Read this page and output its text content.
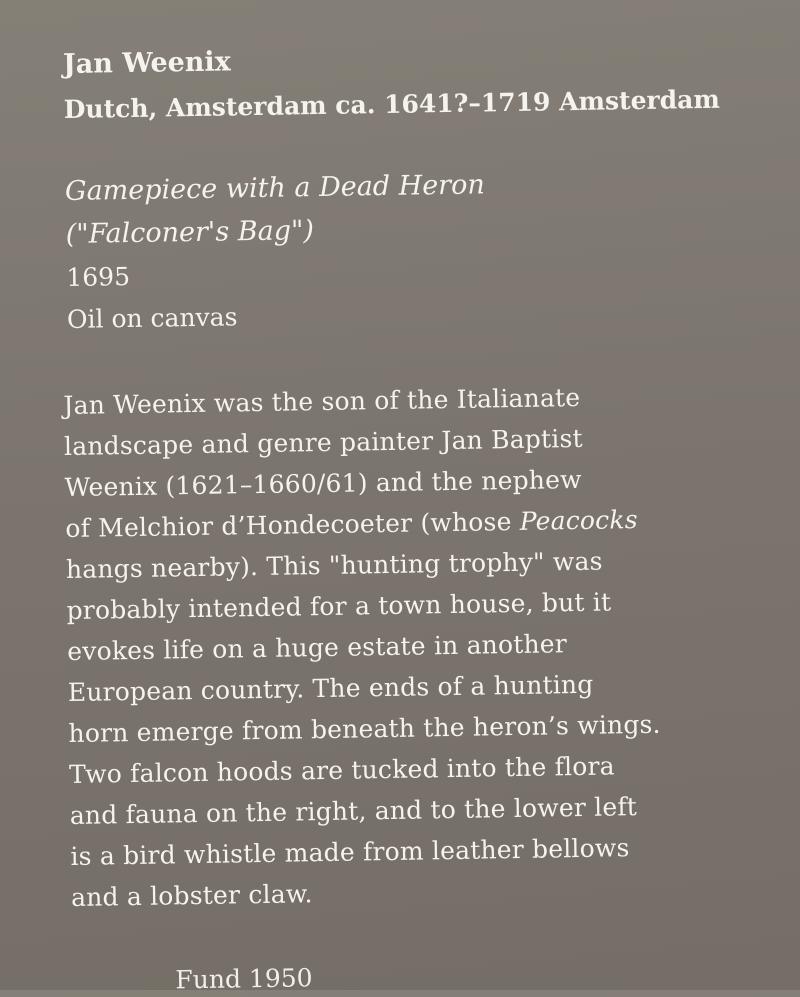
Jan Weenix
Dutch, Amsterdam ca. 1641?–1719 Amsterdam
Gamepiece with a Dead Heron
("Falconer's Bag")
1695
Oil on canvas
Jan Weenix was the son of the Italianate
landscape and genre painter Jan Baptist
Weenix (1621–1660/61) and the nephew
of Melchior d’Hondecoeter (whose Peacocks
hangs nearby). This "hunting trophy" was
probably intended for a town house, but it
evokes life on a huge estate in another
European country. The ends of a hunting
horn emerge from beneath the heron’s wings.
Two falcon hoods are tucked into the flora
and fauna on the right, and to the lower left
is a bird whistle made from leather bellows
and a lobster claw.
Fund 1950
